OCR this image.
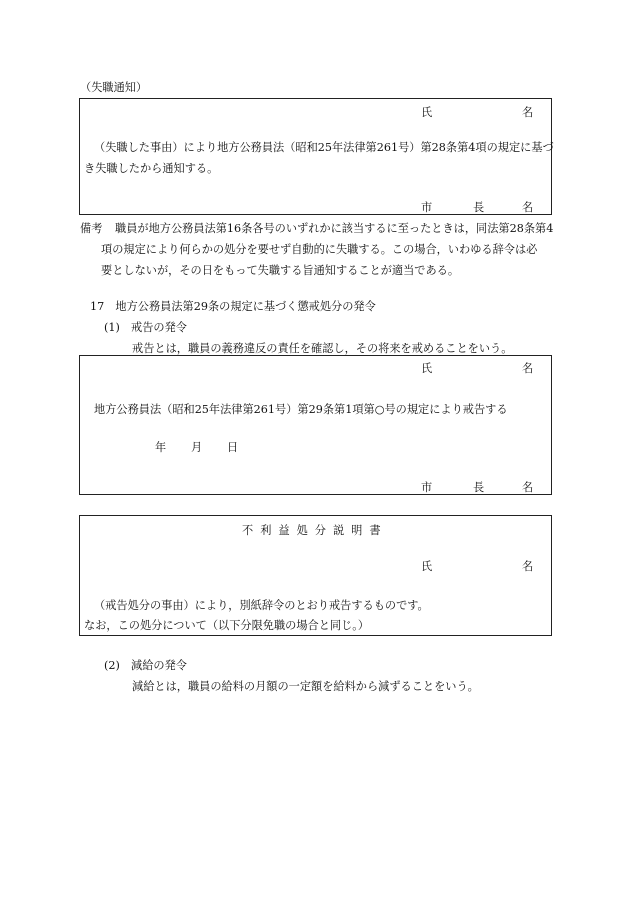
（失職通知）
氏	名
（失職した事由）により地方公務員法（昭和25年法律第261号）第28条第4項の規定に基づ
き失職したから通知する。
市	長	名
備考 職員が地方公務員法第16条各号のいずれかに該当するに至ったときは，同法第28条第4
項の規定により何らかの処分を要せず自動的に失職する。この場合，いわゆる辞令は必
要としないが，その日をもって失職する旨通知することが適当である。
17　地方公務員法第29条の規定に基づく懲戒処分の発令
(1)　戒告の発令
戒告とは，職員の義務違反の責任を確認し，その将来を戒めることをいう。
氏	名
地方公務員法（昭和25年法律第261号）第29条第1項第○号の規定により戒告する
年 月 日
市	長	名
不利益処分説明書
氏	名
（戒告処分の事由）により，別紙辞令のとおり戒告するものです。
なお，この処分について（以下分限免職の場合と同じ。）
(2)　減給の発令
減給とは，職員の給料の月額の一定額を給料から減ずることをいう。
